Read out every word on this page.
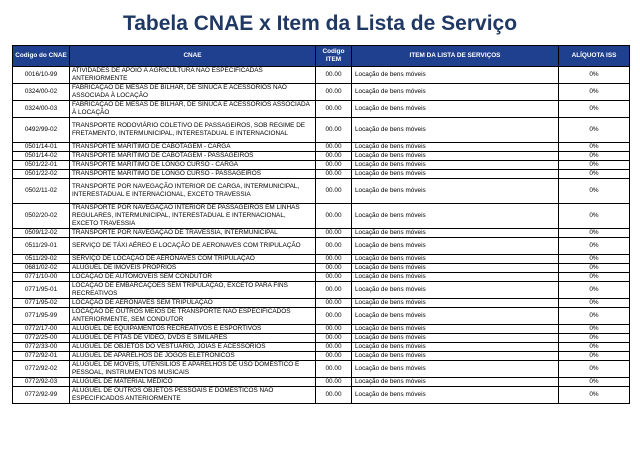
Tabela CNAE x Item da Lista de Serviço
Codigo do CNAE	CNAE	Codigo ITEM	ITEM DA LISTA DE SERVIÇOS	ALÍQUOTA ISS
0016/10-99	ATIVIDADES DE APOIO À AGRICULTURA NÃO ESPECIFICADAS ANTERIORMENTE	00.00	Locação de bens móveis	0%
0324/00-02	FABRICAÇÃO DE MESAS DE BILHAR, DE SINUCA E ACESSÓRIOS NÃO ASSOCIADA À LOCAÇÃO	00.00	Locação de bens móveis	0%
0324/00-03	FABRICAÇÃO DE MESAS DE BILHAR, DE SINUCA E ACESSÓRIOS ASSOCIADA À LOCAÇÃO	00.00	Locação de bens móveis	0%
0492/99-02	TRANSPORTE RODOVIÁRIO COLETIVO DE PASSAGEIROS, SOB REGIME DE FRETAMENTO, INTERMUNICIPAL, INTERESTADUAL E INTERNACIONAL	00.00	Locação de bens móveis	0%
0501/14-01	TRANSPORTE MARÍTIMO DE CABOTAGEM - CARGA	00.00	Locação de bens móveis	0%
0501/14-02	TRANSPORTE MARÍTIMO DE CABOTAGEM - PASSAGEIROS	00.00	Locação de bens móveis	0%
0501/22-01	TRANSPORTE MARÍTIMO DE LONGO CURSO - CARGA	00.00	Locação de bens móveis	0%
0501/22-02	TRANSPORTE MARÍTIMO DE LONGO CURSO - PASSAGEIROS	00.00	Locação de bens móveis	0%
0502/11-02	TRANSPORTE POR NAVEGAÇÃO INTERIOR DE CARGA, INTERMUNICIPAL, INTERESTADUAL E INTERNACIONAL, EXCETO TRAVESSIA	00.00	Locação de bens móveis	0%
0502/20-02	TRANSPORTE POR NAVEGAÇÃO INTERIOR DE PASSAGEIROS EM LINHAS REGULARES, INTERMUNICIPAL, INTERESTADUAL E INTERNACIONAL, EXCETO TRAVESSIA	00.00	Locação de bens móveis	0%
0509/12-02	TRANSPORTE POR NAVEGAÇÃO DE TRAVESSIA, INTERMUNICIPAL	00.00	Locação de bens móveis	0%
0511/29-01	SERVIÇO DE TÁXI AÉREO E LOCAÇÃO DE AERONAVES COM TRIPULAÇÃO	00.00	Locação de bens móveis	0%
0511/29-02	SERVIÇO DE LOCAÇÃO DE AERONAVES COM TRIPULAÇÃO	00.00	Locação de bens móveis	0%
0681/02-02	ALUGUEL DE IMÓVEIS PRÓPRIOS	00.00	Locação de bens móveis	0%
0771/10-00	LOCAÇÃO DE AUTOMÓVEIS SEM CONDUTOR	00.00	Locação de bens móveis	0%
0771/95-01	LOCAÇÃO DE EMBARCAÇÕES SEM TRIPULAÇÃO, EXCETO PARA FINS RECREATIVOS	00.00	Locação de bens móveis	0%
0771/95-02	LOCAÇÃO DE AERONAVES SEM TRIPULAÇÃO	00.00	Locação de bens móveis	0%
0771/95-99	LOCAÇÃO DE OUTROS MEIOS DE TRANSPORTE NÃO ESPECIFICADOS ANTERIORMENTE, SEM CONDUTOR	00.00	Locação de bens móveis	0%
0772/17-00	ALUGUEL DE EQUIPAMENTOS RECREATIVOS E ESPORTIVOS	00.00	Locação de bens móveis	0%
0772/25-00	ALUGUEL DE FITAS DE VÍDEO, DVDS E SIMILARES	00.00	Locação de bens móveis	0%
0772/33-00	ALUGUEL DE OBJETOS DO VESTUÁRIO, JÓIAS E ACESSÓRIOS	00.00	Locação de bens móveis	0%
0772/92-01	ALUGUEL DE APARELHOS DE JOGOS ELETRÔNICOS	00.00	Locação de bens móveis	0%
0772/92-02	ALUGUEL DE MÓVEIS, UTENSÍLIOS E APARELHOS DE USO DOMÉSTICO E PESSOAL, INSTRUMENTOS MUSICAIS	00.00	Locação de bens móveis	0%
0772/92-03	ALUGUEL DE MATERIAL MÉDICO	00.00	Locação de bens móveis	0%
0772/92-99	ALUGUEL DE OUTROS OBJETOS PESSOAIS E DOMÉSTICOS NÃO ESPECIFICADOS ANTERIORMENTE	00.00	Locação de bens móveis	0%
